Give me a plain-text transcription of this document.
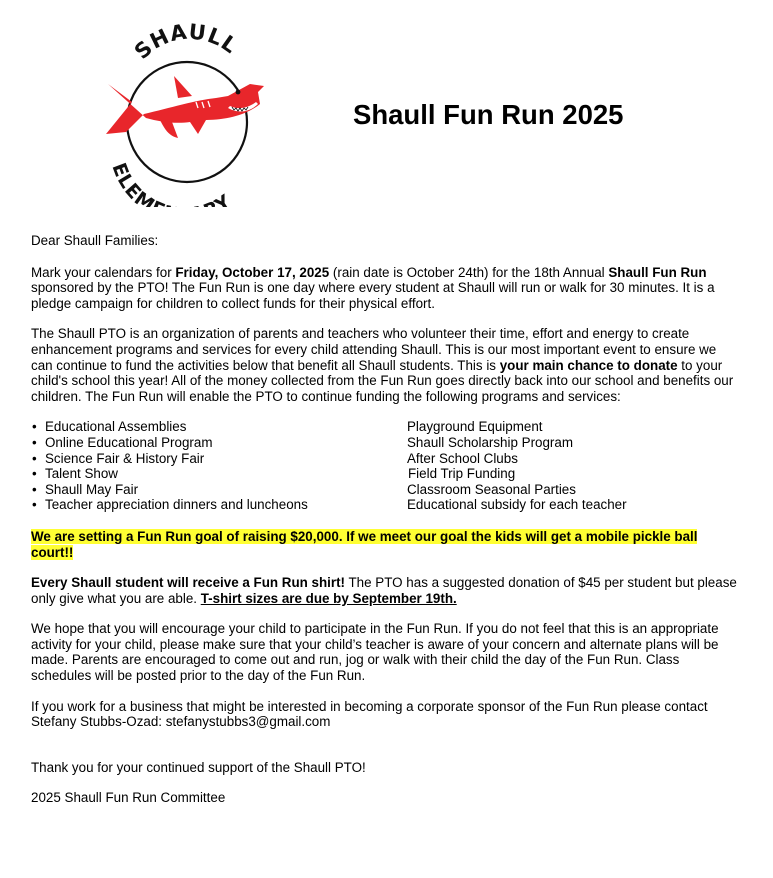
SHAULL
ELEM Y
Shaull Fun Run 2025

Dear Shaull Families:

Mark your calendars for Friday, October 17, 2025 (rain date is October 24th) for the 18th Annual Shaull Fun Run sponsored by the PTO! The Fun Run is one day where every student at Shaull will run or walk for 30 minutes. It is a pledge campaign for children to collect funds for their physical effort.

The Shaull PTO is an organization of parents and teachers who volunteer their time, effort and energy to create enhancement programs and services for every child attending Shaull. This is our most important event to ensure we can continue to fund the activities below that benefit all Shaull students. This is your main chance to donate to your child's school this year! All of the money collected from the Fun Run goes directly back into our school and benefits our children. The Fun Run will enable the PTO to continue funding the following programs and services:

• Educational Assemblies
• Online Educational Program
• Science Fair & History Fair
• Talent Show
• Shaull May Fair
• Teacher appreciation dinners and luncheons
Playground Equipment
Shaull Scholarship Program
After School Clubs
Field Trip Funding
Classroom Seasonal Parties
Educational subsidy for each teacher

We are setting a Fun Run goal of raising $20,000. If we meet our goal the kids will get a mobile pickle ball court!!

Every Shaull student will receive a Fun Run shirt! The PTO has a suggested donation of $45 per student but please only give what you are able. T-shirt sizes are due by September 19th.

We hope that you will encourage your child to participate in the Fun Run. If you do not feel that this is an appropriate activity for your child, please make sure that your child’s teacher is aware of your concern and alternate plans will be made. Parents are encouraged to come out and run, jog or walk with their child the day of the Fun Run. Class schedules will be posted prior to the day of the Fun Run.

If you work for a business that might be interested in becoming a corporate sponsor of the Fun Run please contact Stefany Stubbs-Ozad: stefanystubbs3@gmail.com

Thank you for your continued support of the Shaull PTO!

2025 Shaull Fun Run Committee
